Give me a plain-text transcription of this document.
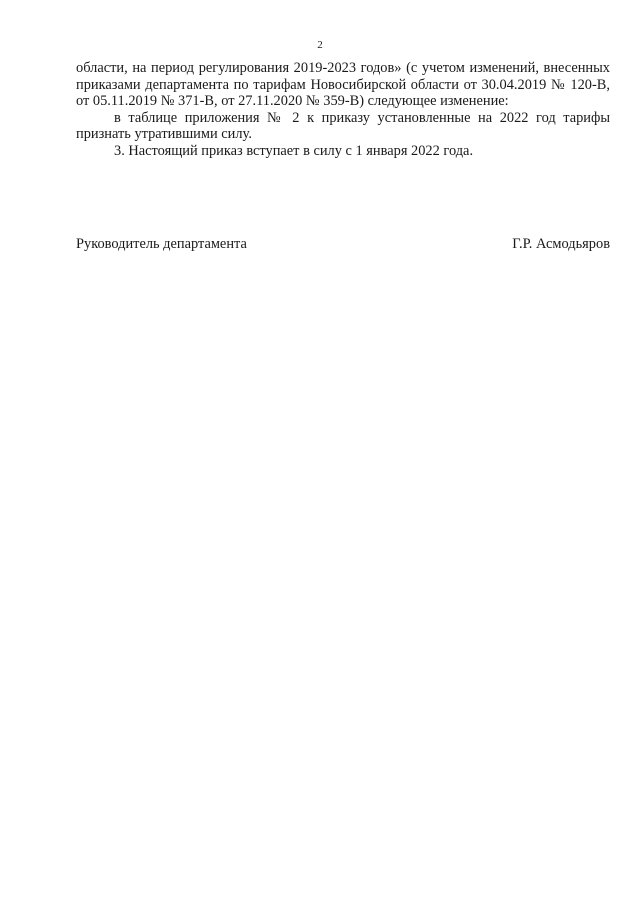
2

области, на период регулирования 2019-2023 годов» (с учетом изменений, внесенных приказами департамента по тарифам Новосибирской области от 30.04.2019 № 120-В, от 05.11.2019 № 371-В, от 27.11.2020 № 359-В) следующее изменение:

в таблице приложения № 2 к приказу установленные на 2022 год тарифы признать утратившими силу.

3. Настоящий приказ вступает в силу с 1 января 2022 года.

Руководитель департамента	Г.Р. Асмодьяров
